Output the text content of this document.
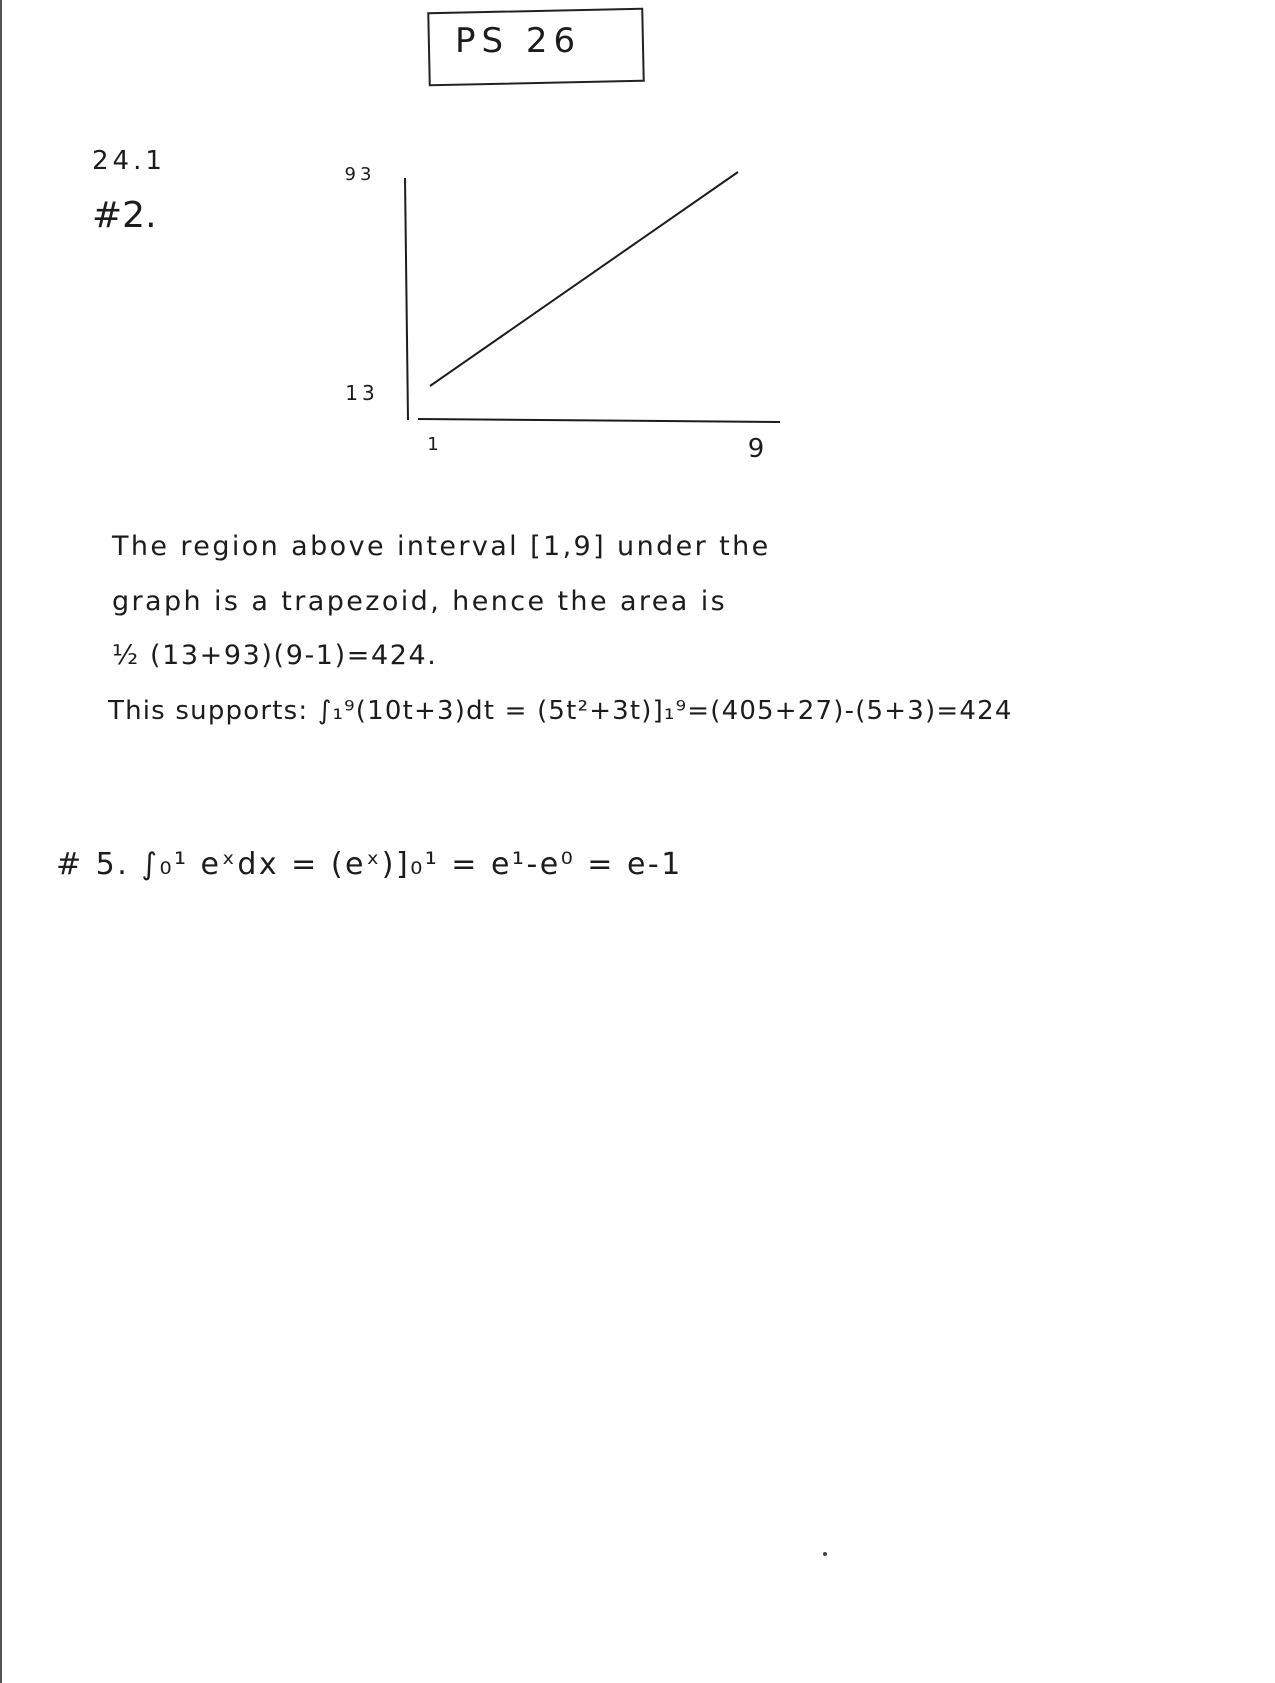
PS 26
24.1
#2.
93
13
1	9
The region above interval [1,9] under the
graph is a trapezoid, hence the area is
½ (13+93)(9-1)=424.
This supports: ∫₁⁹(10t+3)dt = (5t²+3t)]₁⁹=(405+27)-(5+3)=424
# 5. ∫₀¹ eˣdx = (eˣ)]₀¹ = e¹-e⁰ = e-1
